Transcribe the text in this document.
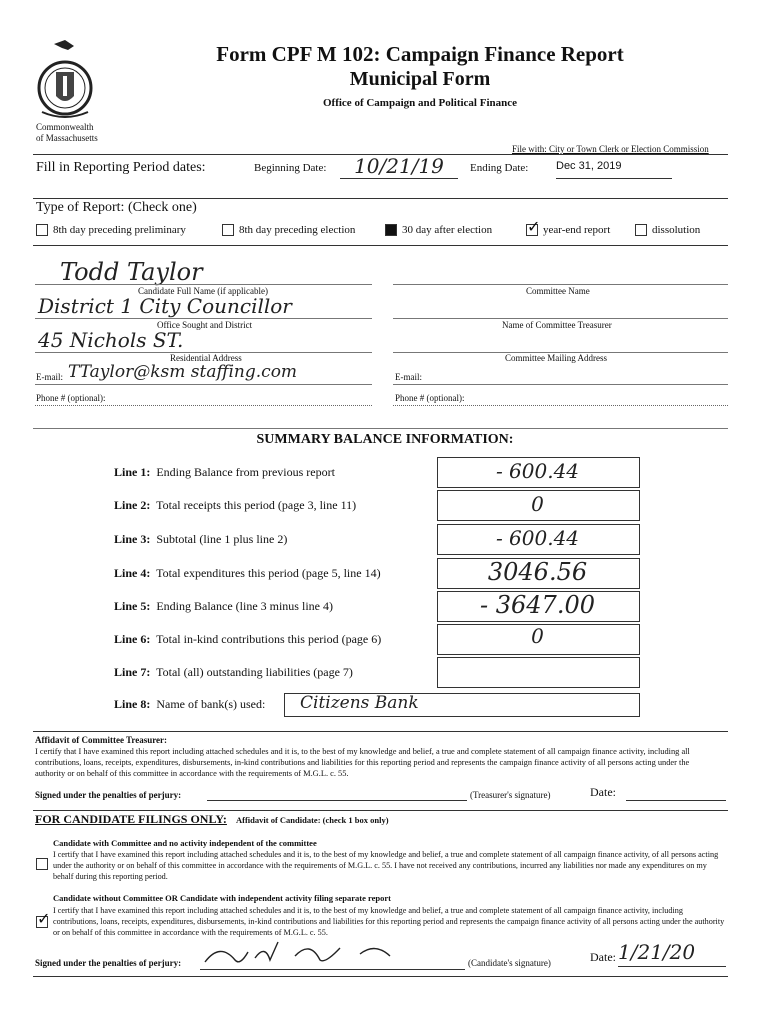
Form CPF M 102: Campaign Finance Report
Municipal Form
Office of Campaign and Political Finance
Commonwealth
of Massachusetts
File with: City or Town Clerk or Election Commission
Fill in Reporting Period dates:	Beginning Date:	10/21/19	Ending Date:	Dec 31, 2019
Type of Report: (Check one)
8th day preceding preliminary	8th day preceding election	30 day after election
✓	year-end report	dissolution
Todd Taylor
Candidate Full Name (if applicable)	Committee Name
District 1 City Councillor
Office Sought and District	Name of Committee Treasurer
45 Nichols ST.
Residential Address	Committee Mailing Address
E-mail: TTaylor@ksm staffing.com	E-mail:
Phone # (optional):	Phone # (optional):
SUMMARY BALANCE INFORMATION:
Line 1: Ending Balance from previous report	- 600.44
Line 2: Total receipts this period (page 3, line 11)	0
Line 3: Subtotal (line 1 plus line 2)	- 600.44
Line 4: Total expenditures this period (page 5, line 14)	3046.56
Line 5: Ending Balance (line 3 minus line 4)	- 3647.00
Line 6: Total in-kind contributions this period (page 6)	0
Line 7: Total (all) outstanding liabilities (page 7)
Line 8: Name of bank(s) used: Citizens Bank
Affidavit of Committee Treasurer:
I certify that I have examined this report including attached schedules and it is, to the best of my knowledge and belief, a true and complete statement of all campaign finance activity, including all contributions, loans, receipts, expenditures, disbursements, in-kind contributions and liabilities for this reporting period and represents the campaign finance activity of all persons acting under the authority or on behalf of this committee in accordance with the requirements of M.G.L. c. 55.
Signed under the penalties of perjury:	(Treasurer's signature)	Date:
FOR CANDIDATE FILINGS ONLY: Affidavit of Candidate: (check 1 box only)
Candidate with Committee and no activity independent of the committee
I certify that I have examined this report including attached schedules and it is, to the best of my knowledge and belief, a true and complete statement of all campaign finance activity, of all persons acting under the authority or on behalf of this committee in accordance with the requirements of M.G.L. c. 55. I have not received any contributions, incurred any liabilities nor made any expenditures on my behalf during this reporting period.
Candidate without Committee OR Candidate with independent activity filing separate report
✓
I certify that I have examined this report including attached schedules and it is, to the best of my knowledge and belief, a true and complete statement of all campaign finance activity, including contributions, loans, receipts, expenditures, disbursements, in-kind contributions and liabilities for this reporting period and represents the campaign finance activity of all persons acting under the authority or on behalf of this committee in accordance with the requirements of M.G.L. c. 55.
Signed under the penalties of perjury:	(Candidate's signature)	Date: 1/21/20
